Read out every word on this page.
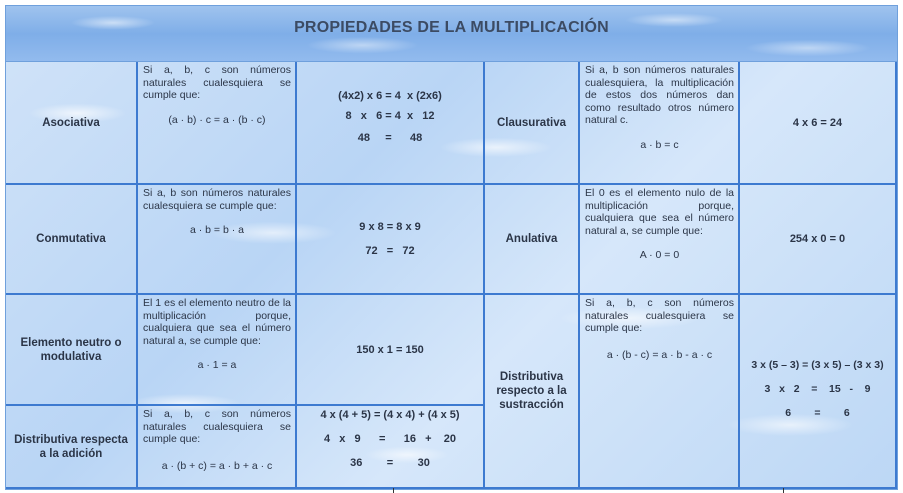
PROPIEDADES DE LA MULTIPLICACIÓN
Asociativa
Si a, b, c son números naturales cualesquiera se cumple que:
(a · b) · c = a · (b · c)
(4x2) x 6 = 4  x (2x6)
8   x   6 = 4  x   12
48     =      48
Conmutativa
Si a, b son números naturales cualesquiera se cumple que:
a · b = b · a	9 x 8 = 8 x 9
72   =   72
Elemento neutro o modulativa
El 1 es el elemento neutro de la multiplicación porque, cualquiera que sea el número natural a, se cumple que:
a · 1 = a
150 x 1 = 150
Distributiva respecta a la adición
Si a, b, c son números naturales cualesquiera se cumple que:
a · (b + c) = a · b + a · c
4 x (4 + 5) = (4 x 4) + (4 x 5)
4   x   9      =      16   +    20
36        =        30
Clausurativa
Si a, b son números naturales cualesquiera, la multiplicación de estos dos números dan como resultado otros número natural c.
a · b = c
4 x 6 = 24
Anulativa
El 0 es el elemento nulo de la multiplicación porque, cualquiera que sea el número natural a, se cumple que:
A · 0 = 0
254 x 0 = 0
Distributiva respecto a la sustracción
Si a, b, c son números naturales cualesquiera se cumple que:
a · (b - c) = a · b - a · c
3 x (5 – 3) = (3 x 5) – (3 x 3)
3   x   2    =    15   -    9
6        =        6
